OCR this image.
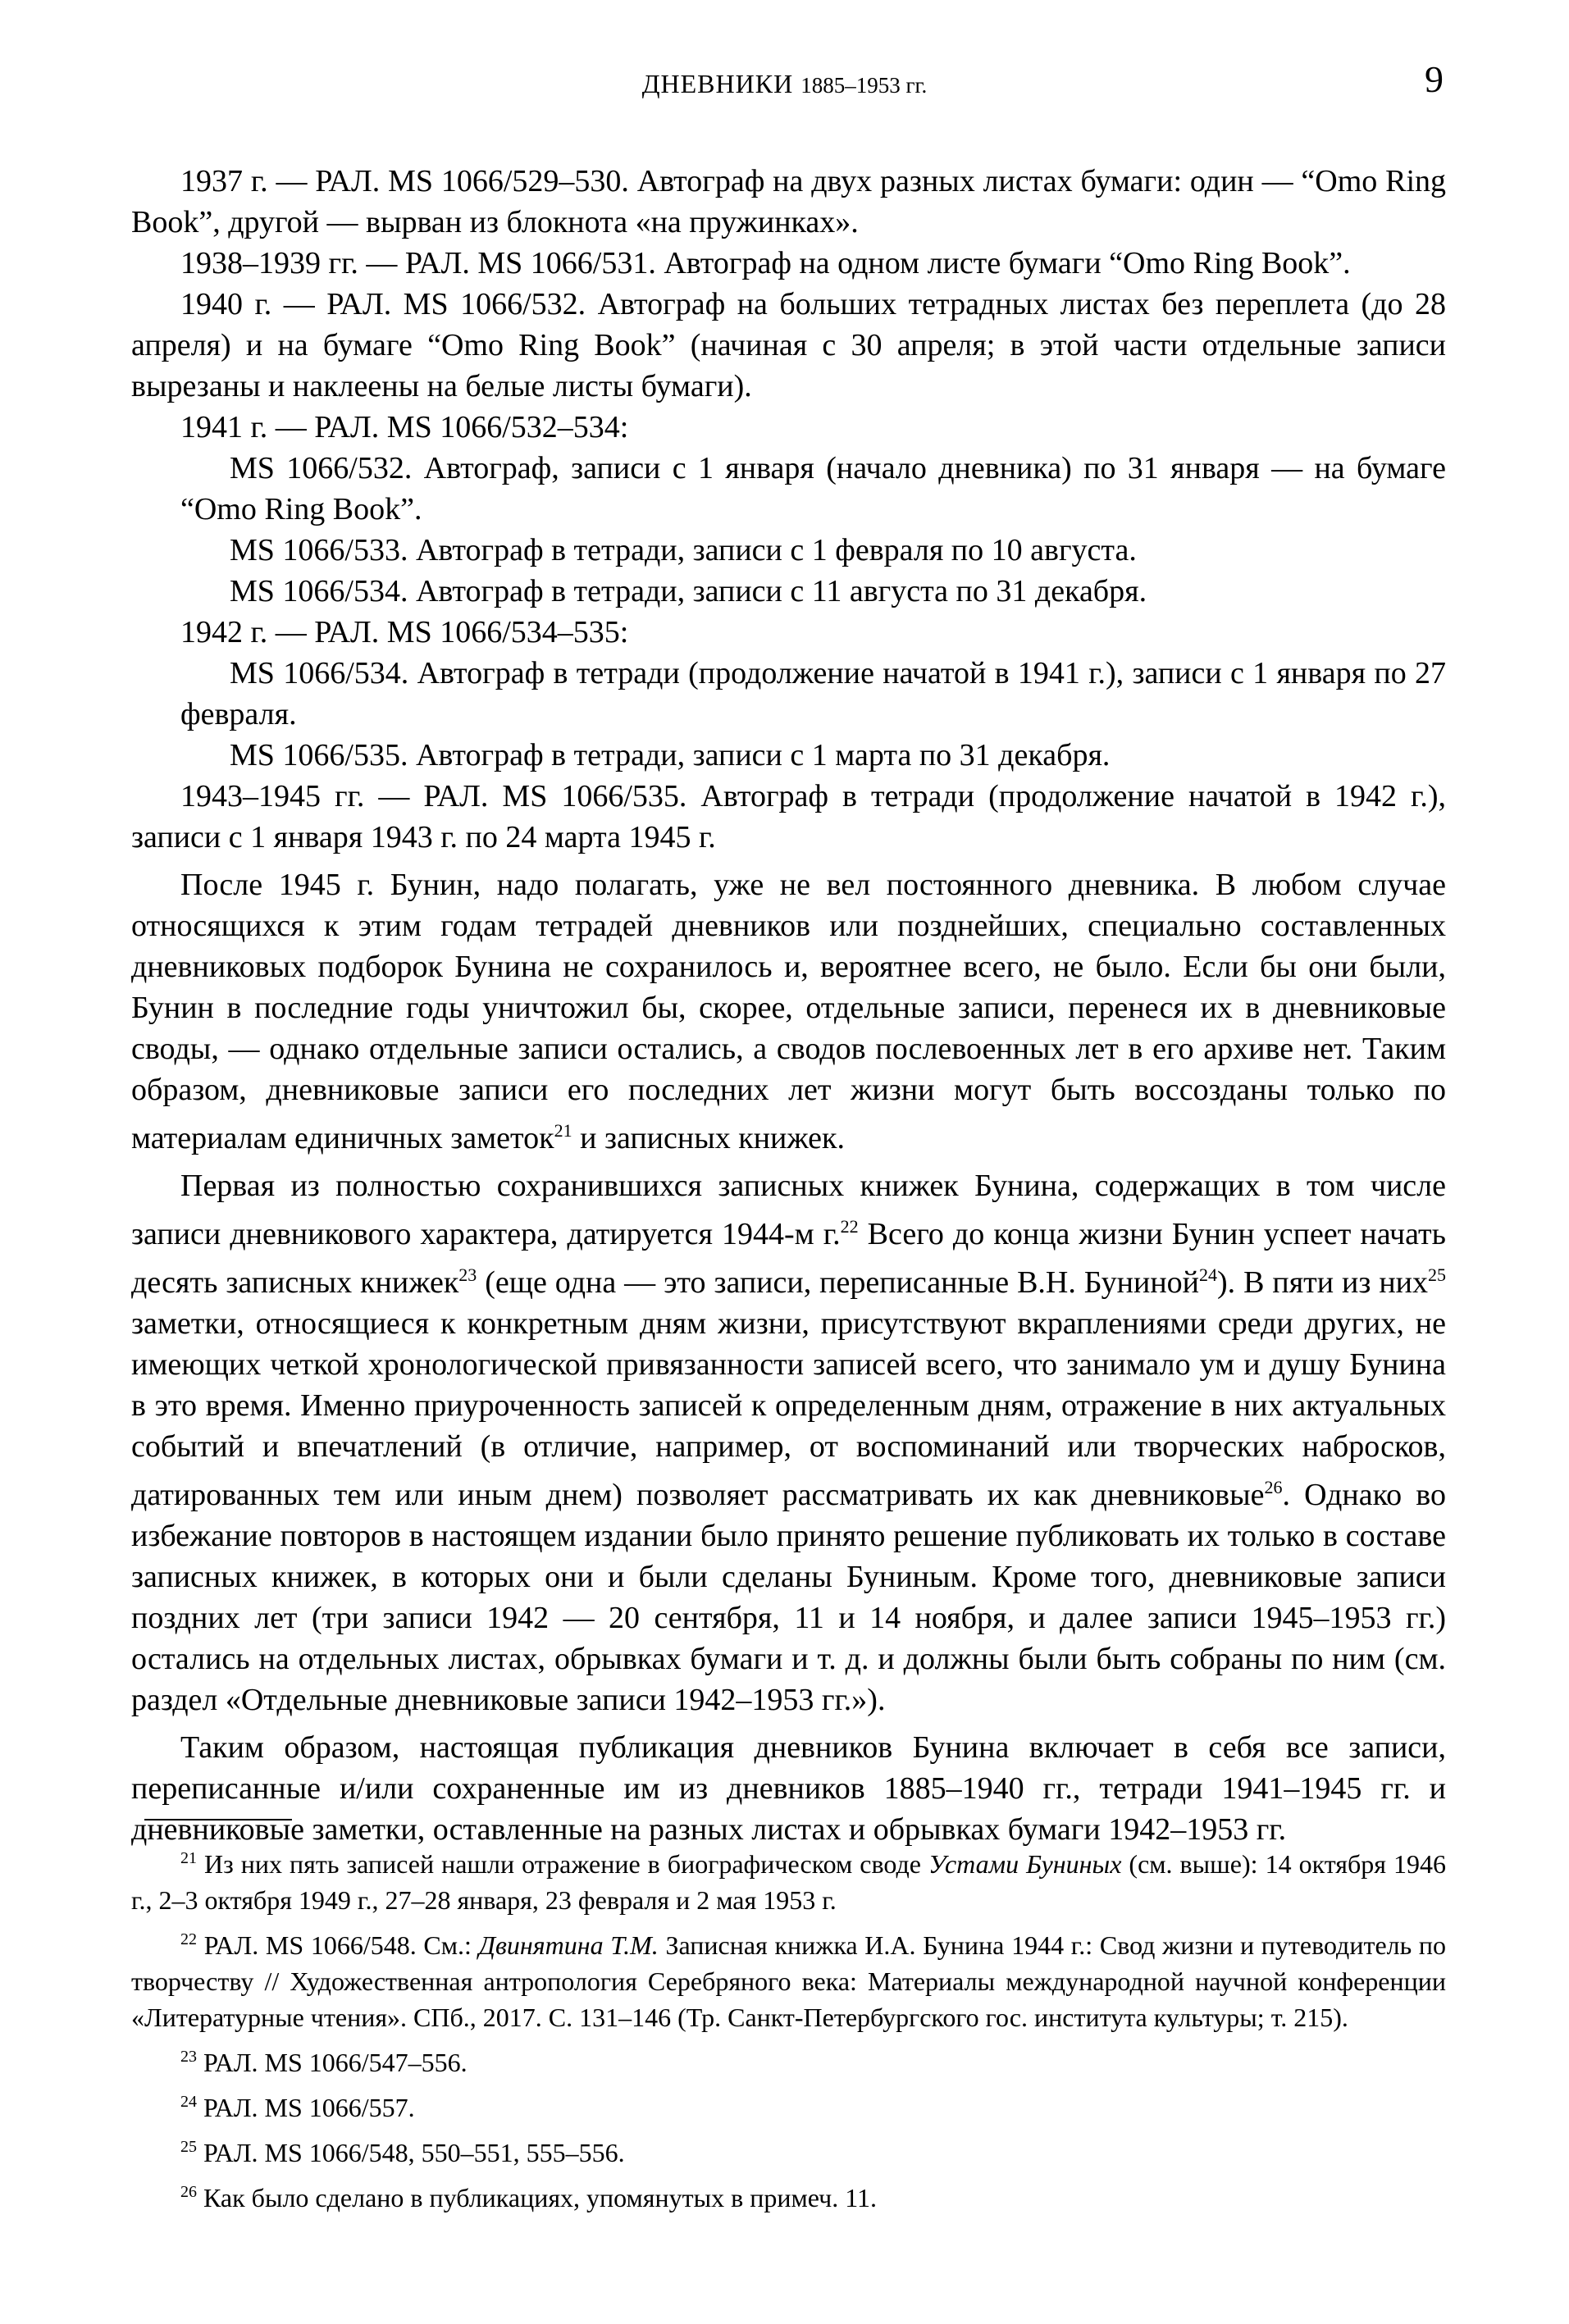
ДНЕВНИКИ 1885–1953 гг.	9

1937 г. — РАЛ. MS 1066/529–530. Автограф на двух разных листах бумаги: один — “Omo Ring Book”, другой — вырван из блокнота «на пружинках».

1938–1939 гг. — РАЛ. MS 1066/531. Автограф на одном листе бумаги “Omo Ring Book”.

1940 г. — РАЛ. MS 1066/532. Автограф на больших тетрадных листах без переплета (до 28 апреля) и на бумаге “Omo Ring Book” (начиная с 30 апреля; в этой части отдельные записи вырезаны и наклеены на белые листы бумаги).

1941 г. — РАЛ. MS 1066/532–534:

MS 1066/532. Автограф, записи с 1 января (начало дневника) по 31 января — на бумаге “Omo Ring Book”.

MS 1066/533. Автограф в тетради, записи с 1 февраля по 10 августа.

MS 1066/534. Автограф в тетради, записи с 11 августа по 31 декабря.

1942 г. — РАЛ. MS 1066/534–535:

MS 1066/534. Автограф в тетради (продолжение начатой в 1941 г.), записи с 1 января по 27 февраля.

MS 1066/535. Автограф в тетради, записи с 1 марта по 31 декабря.

1943–1945 гг. — РАЛ. MS 1066/535. Автограф в тетради (продолжение начатой в 1942 г.), записи с 1 января 1943 г. по 24 марта 1945 г.

После 1945 г. Бунин, надо полагать, уже не вел постоянного дневника. В любом случае относящихся к этим годам тетрадей дневников или позднейших, специально составленных дневниковых подборок Бунина не сохранилось и, вероятнее всего, не было. Если бы они были, Бунин в последние годы уничтожил бы, скорее, отдельные записи, перенеся их в дневниковые своды, — однако отдельные записи остались, а сводов послевоенных лет в его архиве нет. Таким образом, дневниковые записи его последних лет жизни могут быть воссозданы только по материалам единичных заметок$^{21}$ и записных книжек.

Первая из полностью сохранившихся записных книжек Бунина, содержащих в том числе записи дневникового характера, датируется 1944-м г.$^{22}$ Всего до конца жизни Бунин успеет начать десять записных книжек$^{23}$ (еще одна — это записи, переписанные В.Н. Буниной$^{24}$). В пяти из них$^{25}$ заметки, относящиеся к конкретным дням жизни, присутствуют вкраплениями среди других, не имеющих четкой хронологической привязанности записей всего, что занимало ум и душу Бунина в это время. Именно приуроченность записей к определенным дням, отражение в них актуальных событий и впечатлений (в отличие, например, от воспоминаний или творческих набросков, датированных тем или иным днем) позволяет рассматривать их как дневниковые$^{26}$. Однако во избежание повторов в настоящем издании было принято решение публиковать их только в составе записных книжек, в которых они и были сделаны Буниным. Кроме того, дневниковые записи поздних лет (три записи 1942 — 20 сентября, 11 и 14 ноября, и далее записи 1945–1953 гг.) остались на отдельных листах, обрывках бумаги и т. д. и должны были быть собраны по ним (см. раздел «Отдельные дневниковые записи 1942–1953 гг.»).

Таким образом, настоящая публикация дневников Бунина включает в себя все записи, переписанные и/или сохраненные им из дневников 1885–1940 гг., тетради 1941–1945 гг. и дневниковые заметки, оставленные на разных листах и обрывках бумаги 1942–1953 гг.

$^{21}$ Из них пять записей нашли отражение в биографическом своде Устами Буниных (см. выше): 14 октября 1946 г., 2–3 октября 1949 г., 27–28 января, 23 февраля и 2 мая 1953 г.

$^{22}$ РАЛ. MS 1066/548. См.: Двинятина Т.М. Записная книжка И.А. Бунина 1944 г.: Свод жизни и путеводитель по творчеству // Художественная антропология Серебряного века: Материалы международной научной конференции «Литературные чтения». СПб., 2017. С. 131–146 (Тр. Санкт-Петербургского гос. института культуры; т. 215).

$^{23}$ РАЛ. MS 1066/547–556.

$^{24}$ РАЛ. MS 1066/557.

$^{25}$ РАЛ. MS 1066/548, 550–551, 555–556.

$^{26}$ Как было сделано в публикациях, упомянутых в примеч. 11.
